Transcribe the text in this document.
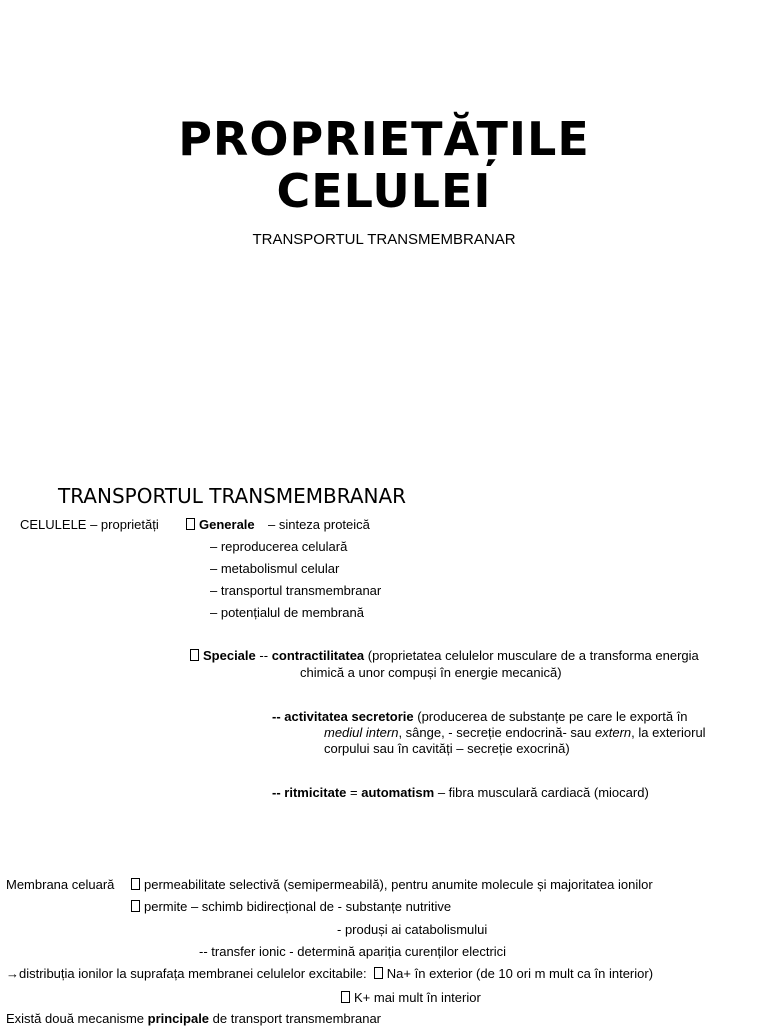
PROPRIETĂȚILE
CELULEI
TRANSPORTUL TRANSMEMBRANAR
TRANSPORTUL TRANSMEMBRANAR
CELULELE – proprietăți	Generale – sinteza proteică
– reproducerea celulară
– metabolismul celular
– transportul transmembranar
– potențialul de membrană
Speciale -- contractilitatea (proprietatea celulelor musculare de a transforma energia
chimică a unor compuși în energie mecanică)
-- activitatea secretorie (producerea de substanțe pe care le exportă în
mediul intern, sânge, - secreție endocrină- sau extern, la exteriorul
corpului sau în cavități – secreție exocrină)
-- ritmicitate = automatism – fibra musculară cardiacă (miocard)
Membrana celuară	permeabilitate selectivă (semipermeabilă), pentru anumite molecule și majoritatea ionilor
permite – schimb bidirecțional de - substanțe nutritive
- produși ai catabolismului
-- transfer ionic - determină apariția curenților electrici
→distribuția ionilor la suprafața membranei celulelor excitabile: Na+ în exterior (de 10 ori m mult ca în interior)
K+ mai mult în interior
Există două mecanisme principale de transport transmembranar
